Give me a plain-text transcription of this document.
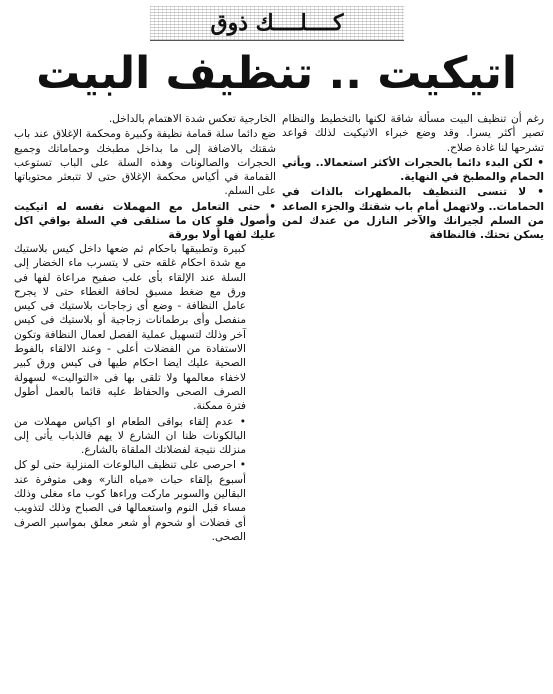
كــــلــــك ذوق
اتيكيت .. تنظيف البيت

رغم أن تنظيف البيت مسألة شاقة لكنها بالتخطيط والنظام تصير أكثر يسرا. وقد وضع خبراء الاتيكيت لذلك قواعد تشرحها لنا غادة صلاح.

• لكن البدء دائما بالحجرات الأكثر استعمالا.. ويأتي الحمام والمطبخ في النهاية.

• لا تنسى التنظيف بالمطهرات بالذات في الحمامات.. ولاتهمل أمام باب شقتك والجزء الصاعد من السلم لجيرانك والآخر النازل من عندك لمن يسكن تحتك. فالنظافة

الخارجية تعكس شدة الاهتمام بالداخل.

ضع دائما سلة قمامة نظيفة وكبيرة ومحكمة الإغلاق عند باب شقتك بالاضافة إلى ما بداخل مطبخك وحماماتك وجميع الحجرات والصالونات وهذه السلة على الباب تستوعب القمامة في أكياس محكمة الإغلاق حتى لا تتبعثر محتوياتها على السلم.

• حتى التعامل مع المهملات نفسه له اتيكيت وأصول فلو كان ما ستلقى في السلة بواقي اكل عليك لفها أولا بورقة

كبيرة وتطبيقها باحكام ثم ضعها داخل كيس بلاستيك مع شدة احكام غلقه حتى لا يتسرب ماء الخضار إلى السلة عند الإلقاء بأى علب صفيح مراعاة لفها فى ورق مع ضغط مسبق لحافة الغطاء حتى لا يجرح عامل النظافة - وضع أى زجاجات بلاستيك فى كيس منفصل وأى برطمانات زجاجية أو بلاستيك فى كيس آخر وذلك لتسهيل عملية الفصل لعمال النظافة وتكون الاستفادة من الفضلات أعلى - وعند الالقاء بالفوط الصحية عليك ايضا احكام طيها فى كيس ورق كبير لاخفاء معالمها ولا تلقى بها فى «التواليت» لسهولة الصرف الصحى والحفاظ عليه قائما بالعمل أطول فترة ممكنة.

• عدم إلقاء بواقى الطعام او اكياس مهملات من البالكونات ظنا ان الشارع لا يهم فالذباب يأتى إلى منزلك نتيجة لفضلاتك الملقاة بالشارع.

• احرصى على تنظيف البالوعات المنزلية حتى لو كل أسبوع بإلقاء حبات «مياه النار» وهى متوفرة عند البقالين والسوبر ماركت وراءها كوب ماء مغلى وذلك مساء قبل النوم واستعمالها فى الصباح وذلك لتذويب أى فضلات أو شحوم أو شعر معلق بمواسير الصرف الصحى.
